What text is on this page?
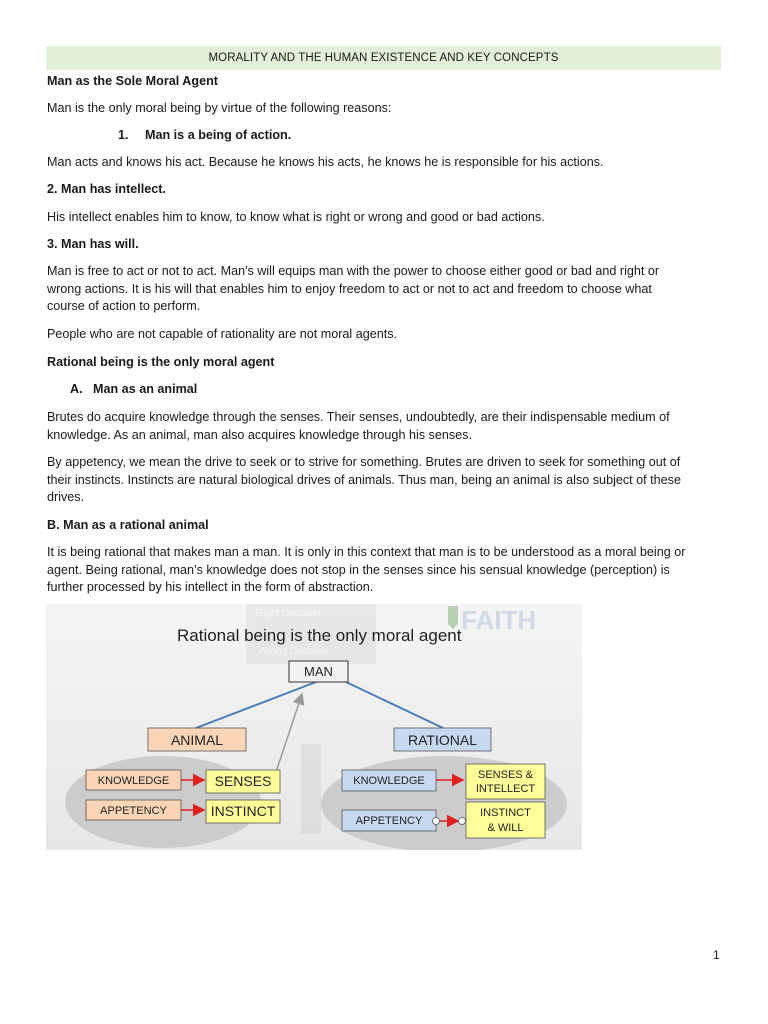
MORALITY AND THE HUMAN EXISTENCE AND KEY CONCEPTS

Man as the Sole Moral Agent

Man is the only moral being by virtue of the following reasons:

1. Man is a being of action.

Man acts and knows his act. Because he knows his acts, he knows he is responsible for his actions.

2. Man has intellect.

His intellect enables him to know, to know what is right or wrong and good or bad actions.

3. Man has will.

Man is free to act or not to act. Man's will equips man with the power to choose either good or bad and right or
wrong actions. It is his will that enables him to enjoy freedom to act or not to act and freedom to choose what
course of action to perform.

People who are not capable of rationality are not moral agents.

Rational being is the only moral agent

A. Man as an animal

Brutes do acquire knowledge through the senses. Their senses, undoubtedly, are their indispensable medium of
knowledge. As an animal, man also acquires knowledge through his senses.
By appetency, we mean the drive to seek or to strive for something. Brutes are driven to seek for something out of
their instincts. Instincts are natural biological drives of animals. Thus man, being an animal is also subject of these
drives.

B. Man as a rational animal

It is being rational that makes man a man. It is only in this context that man is to be understood as a moral being or
agent. Being rational, man’s knowledge does not stop in the senses since his sensual knowledge (perception) is
further processed by his intellect in the form of abstraction.
Right Decision
Wrong Decision
FAITH
Rational being is the only moral agent
MAN
ANIMAL	RATIONAL
KNOWLEDGE	SENSES
APPETENCY	INSTINCT
KNOWLEDGE	SENSES &
INTELLECT
APPETENCY
INSTINCT
& WILL
1
